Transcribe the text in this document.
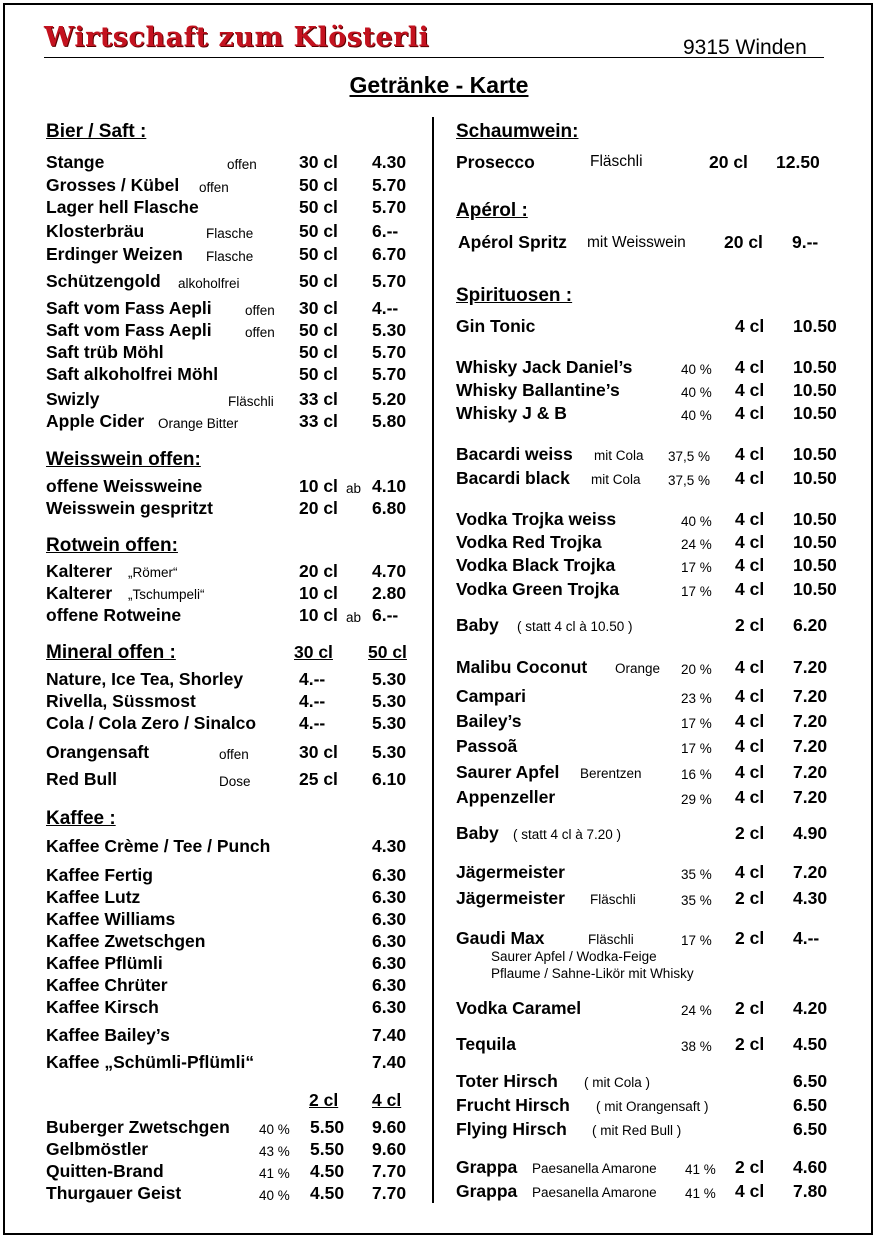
Wirtschaft zum Klösterli	9315 Winden
Getränke - Karte
Bier / Saft :
Stange	offen 30 cl 4.30
Grosses / Kübel offen	50 cl 5.70
Lager hell Flasche	50 cl 5.70
Klosterbräu	Flasche	50 cl 6.--
Erdinger Weizen Flasche	50 cl 6.70
Schützengold alkoholfrei	50 cl 5.70
Saft vom Fass Aepli offen 30 cl 4.--
Saft vom Fass Aepli offen 50 cl 5.30
Saft trüb Möhl	50 cl 5.70
Saft alkoholfrei Möhl	50 cl 5.70
Swizly	Fläschli 33 cl 5.20
Apple Cider Orange Bitter	33 cl 5.80
Weisswein offen:
offene Weissweine	10 cl ab 4.10
Weisswein gespritzt	20 cl 6.80
Rotwein offen:
Kalterer „Römer“	20 cl 4.70
Kalterer „Tschumpeli“	10 cl 2.80
offene Rotweine	10 cl ab 6.--
Mineral offen :	30 cl 50 cl
Nature, Ice Tea, Shorley	4.--	5.30
Rivella, Süssmost	4.--	5.30
Cola / Cola Zero / Sinalco 4.--	5.30
Orangensaft	offen	30 cl 5.30
Red Bull	Dose	25 cl 6.10
Kaffee :
Kaffee Crème / Tee / Punch	4.30
Kaffee Fertig	6.30
Kaffee Lutz	6.30
Kaffee Williams	6.30
Kaffee Zwetschgen	6.30
Kaffee Pflümli	6.30
Kaffee Chrüter	6.30
Kaffee Kirsch	6.30
Kaffee Bailey’s	7.40
Kaffee „Schümli-Pflümli“	7.40
2 cl 4 cl
Buberger Zwetschgen 40 % 5.50 9.60
Gelbmöstler	43 % 5.50 9.60
Quitten-Brand	41 % 4.50 7.70
Thurgauer Geist	40 % 4.50 7.70
Schaumwein:
Prosecco	Fläschli	20 cl 12.50
Apérol :
Apérol Spritz mit Weisswein 20 cl 9.--
Spirituosen :
Gin Tonic	4 cl 10.50
Whisky Jack Daniel’s	40 % 4 cl 10.50
Whisky Ballantine’s	40 % 4 cl 10.50
Whisky J & B	40 % 4 cl 10.50
Bacardi weiss mit Cola 37,5 % 4 cl 10.50
Bacardi black mit Cola 37,5 % 4 cl 10.50
Vodka Trojka weiss	40 % 4 cl 10.50
Vodka Red Trojka	24 % 4 cl 10.50
Vodka Black Trojka	17 % 4 cl 10.50
Vodka Green Trojka	17 % 4 cl 10.50
Baby ( statt 4 cl à 10.50 )	2 cl 6.20
Malibu Coconut Orange 20 % 4 cl 7.20
Campari	23 % 4 cl 7.20
Bailey’s	17 % 4 cl 7.20
Passoã	17 % 4 cl 7.20
Saurer Apfel Berentzen	16 % 4 cl 7.20
Appenzeller	29 % 4 cl 7.20
Baby ( statt 4 cl à 7.20 )	2 cl 4.90
Jägermeister	35 % 4 cl 7.20
Jägermeister Fläschli	35 % 2 cl 4.30
Gaudi Max	Fläschli	17 % 2 cl 4.--
Vodka Caramel	24 % 2 cl 4.20
Tequila	38 % 2 cl 4.50
Toter Hirsch ( mit Cola )	6.50
Frucht Hirsch ( mit Orangensaft )	6.50
Flying Hirsch ( mit Red Bull )	6.50
Grappa Paesanella Amarone 41 % 2 cl 4.60
Grappa Paesanella Amarone 41 % 4 cl 7.80
Saurer Apfel / Wodka-Feige
Pflaume / Sahne-Likör mit Whisky
